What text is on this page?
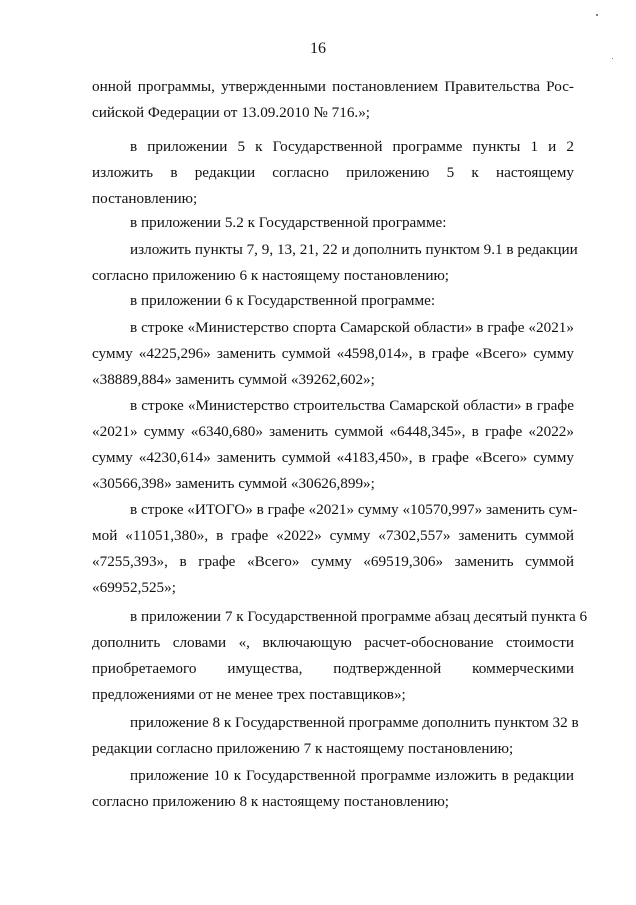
16
онной программы, утвержденными постановлением Правительства Рос-
сийской Федерации от 13.09.2010 № 716.»;
в приложении 5 к Государственной программе пункты 1 и 2
изложить в редакции согласно приложению 5 к настоящему
постановлению;
в приложении 5.2 к Государственной программе:
изложить пункты 7, 9, 13, 21, 22 и дополнить пунктом 9.1 в редакции
согласно приложению 6 к настоящему постановлению;
в приложении 6 к Государственной программе:
в строке «Министерство спорта Самарской области» в графе «2021»
сумму «4225,296» заменить суммой «4598,014», в графе «Всего» сумму
«38889,884» заменить суммой «39262,602»;
в строке «Министерство строительства Самарской области» в графе
«2021» сумму «6340,680» заменить суммой «6448,345», в графе «2022»
сумму «4230,614» заменить суммой «4183,450», в графе «Всего» сумму
«30566,398» заменить суммой «30626,899»;
в строке «ИТОГО» в графе «2021» сумму «10570,997» заменить сум-
мой «11051,380», в графе «2022» сумму «7302,557» заменить суммой
«7255,393», в графе «Всего» сумму «69519,306» заменить суммой
«69952,525»;
в приложении 7 к Государственной программе абзац десятый пункта 6
дополнить словами «, включающую расчет-обоснование стоимости
приобретаемого имущества, подтвержденной коммерческими
предложениями от не менее трех поставщиков»;
приложение 8 к Государственной программе дополнить пунктом 32 в
редакции согласно приложению 7 к настоящему постановлению;
приложение 10 к Государственной программе изложить в редакции
согласно приложению 8 к настоящему постановлению;
